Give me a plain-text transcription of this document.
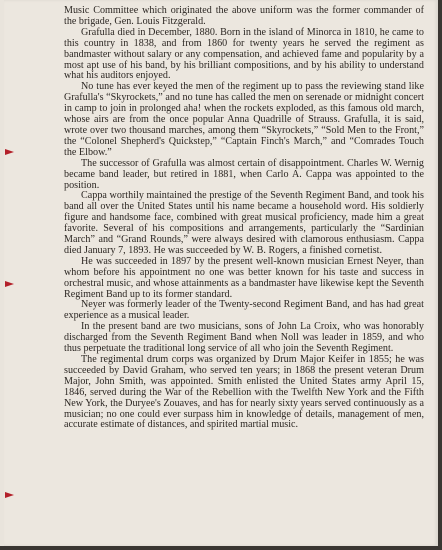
Music Committee which originated the above uniform was the former commander of the brigade, Gen. Louis Fitzgerald.

Grafulla died in December, 1880. Born in the island of Minorca in 1810, he came to this country in 1838, and from 1860 for twenty years he served the regiment as bandmaster without salary or any compensation, and achieved fame and popularity by a most apt use of his band, by his brilliant compositions, and by his ability to understand what his auditors enjoyed.

No tune has ever keyed the men of the regiment up to pass the reviewing stand like Grafulla's “Skyrockets,” and no tune has called the men on serenade or midnight concert in camp to join in prolonged aha! when the rockets exploded, as this famous old march, whose airs are from the once popular Anna Quadrille of Strauss. Grafulla, it is said, wrote over two thousand marches, among them “Skyrockets,” “Sold Men to the Front,” the “Colonel Shepherd's Quickstep,” “Captain Finch's March,” and “Comrades Touch the Elbow.”

The successor of Grafulla was almost certain of disappointment. Charles W. Wernig became band leader, but retired in 1881, when Carlo A. Cappa was appointed to the position.

Cappa worthily maintained the prestige of the Seventh Regiment Band, and took his band all over the United States until his name became a household word. His soldierly figure and handsome face, combined with great musical proficiency, made him a great favorite. Several of his compositions and arrangements, particularly the “Sardinian March” and “Grand Rounds,” were always desired with clamorous enthusiasm. Cappa died January 7, 1893. He was succeeded by W. B. Rogers, a finished cornetist.

He was succeeded in 1897 by the present well-known musician Ernest Neyer, than whom before his appointment no one was better known for his taste and success in orchestral music, and whose attainments as a bandmaster have likewise kept the Seventh Regiment Band up to its former standard.

Neyer was formerly leader of the Twenty-second Regiment Band, and has had great experience as a musical leader.

In the present band are two musicians, sons of John La Croix, who was honorably discharged from the Seventh Regiment Band when Noll was leader in 1859, and who thus perpetuate the traditional long service of all who join the Seventh Regiment.

The regimental drum corps was organized by Drum Major Keifer in 1855; he was succeeded by David Graham, who served ten years; in 1868 the present veteran Drum Major, John Smith, was appointed. Smith enlisted the United States army April 15, 1846, served during the War of the Rebellion with the Twelfth New York and the Fifth New York, the Duryee's Zouaves, and has for nearly sixty years served continuously as a musician; no one could ever surpass him in knowledge of details, management of men, accurate estimate of distances, and spirited martial music.
